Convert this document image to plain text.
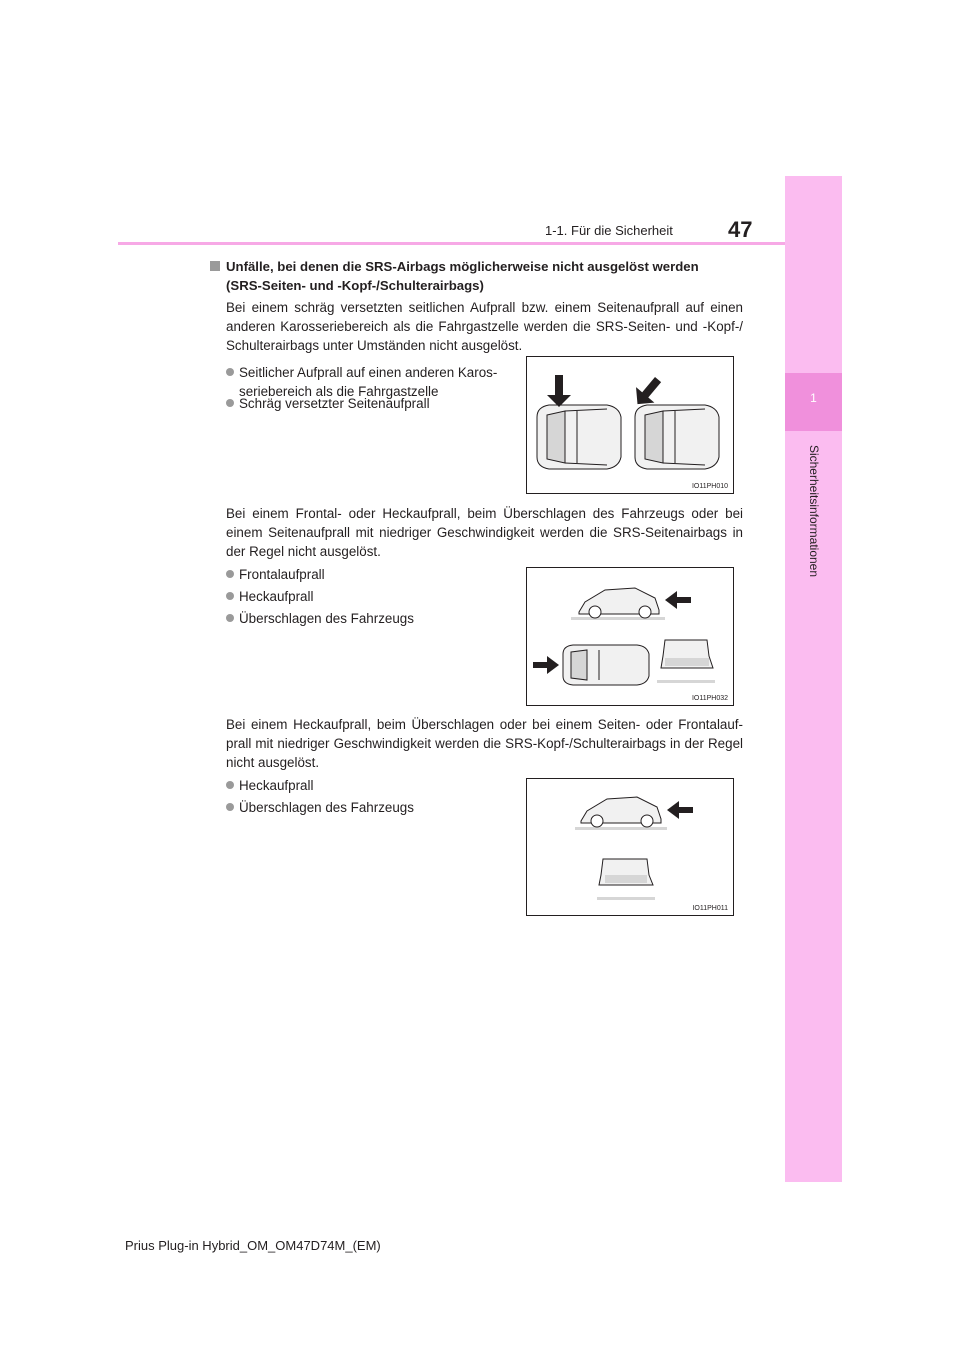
1-1. Für die Sicherheit	47
1
Sicherheitsinformationen
Unfälle, bei denen die SRS-Airbags möglicherweise nicht ausgelöst werden
(SRS-Seiten- und -Kopf-/Schulterairbags)
Bei einem schräg versetzten seitlichen Aufprall bzw. einem Seitenaufprall auf einen anderen Karosseriebereich als die Fahrgastzelle werden die SRS-Seiten- und -Kopf-/ Schulterairbags unter Umständen nicht ausgelöst.
Seitlicher Aufprall auf einen anderen Karos-
seriebereich als die Fahrgastzelle
Schräg versetzter Seitenaufprall
IO11PH010
Bei einem Frontal- oder Heckaufprall, beim Überschlagen des Fahrzeugs oder bei einem Seitenaufprall mit niedriger Geschwindigkeit werden die SRS-Seitenairbags in der Regel nicht ausgelöst.
Frontalaufprall
Heckaufprall
Überschlagen des Fahrzeugs
IO11PH032
Bei einem Heckaufprall, beim Überschlagen oder bei einem Seiten- oder Frontalauf- prall mit niedriger Geschwindigkeit werden die SRS-Kopf-/Schulterairbags in der Regel nicht ausgelöst.
Heckaufprall
Überschlagen des Fahrzeugs
IO11PH011
Prius Plug-in Hybrid_OM_OM47D74M_(EM)
